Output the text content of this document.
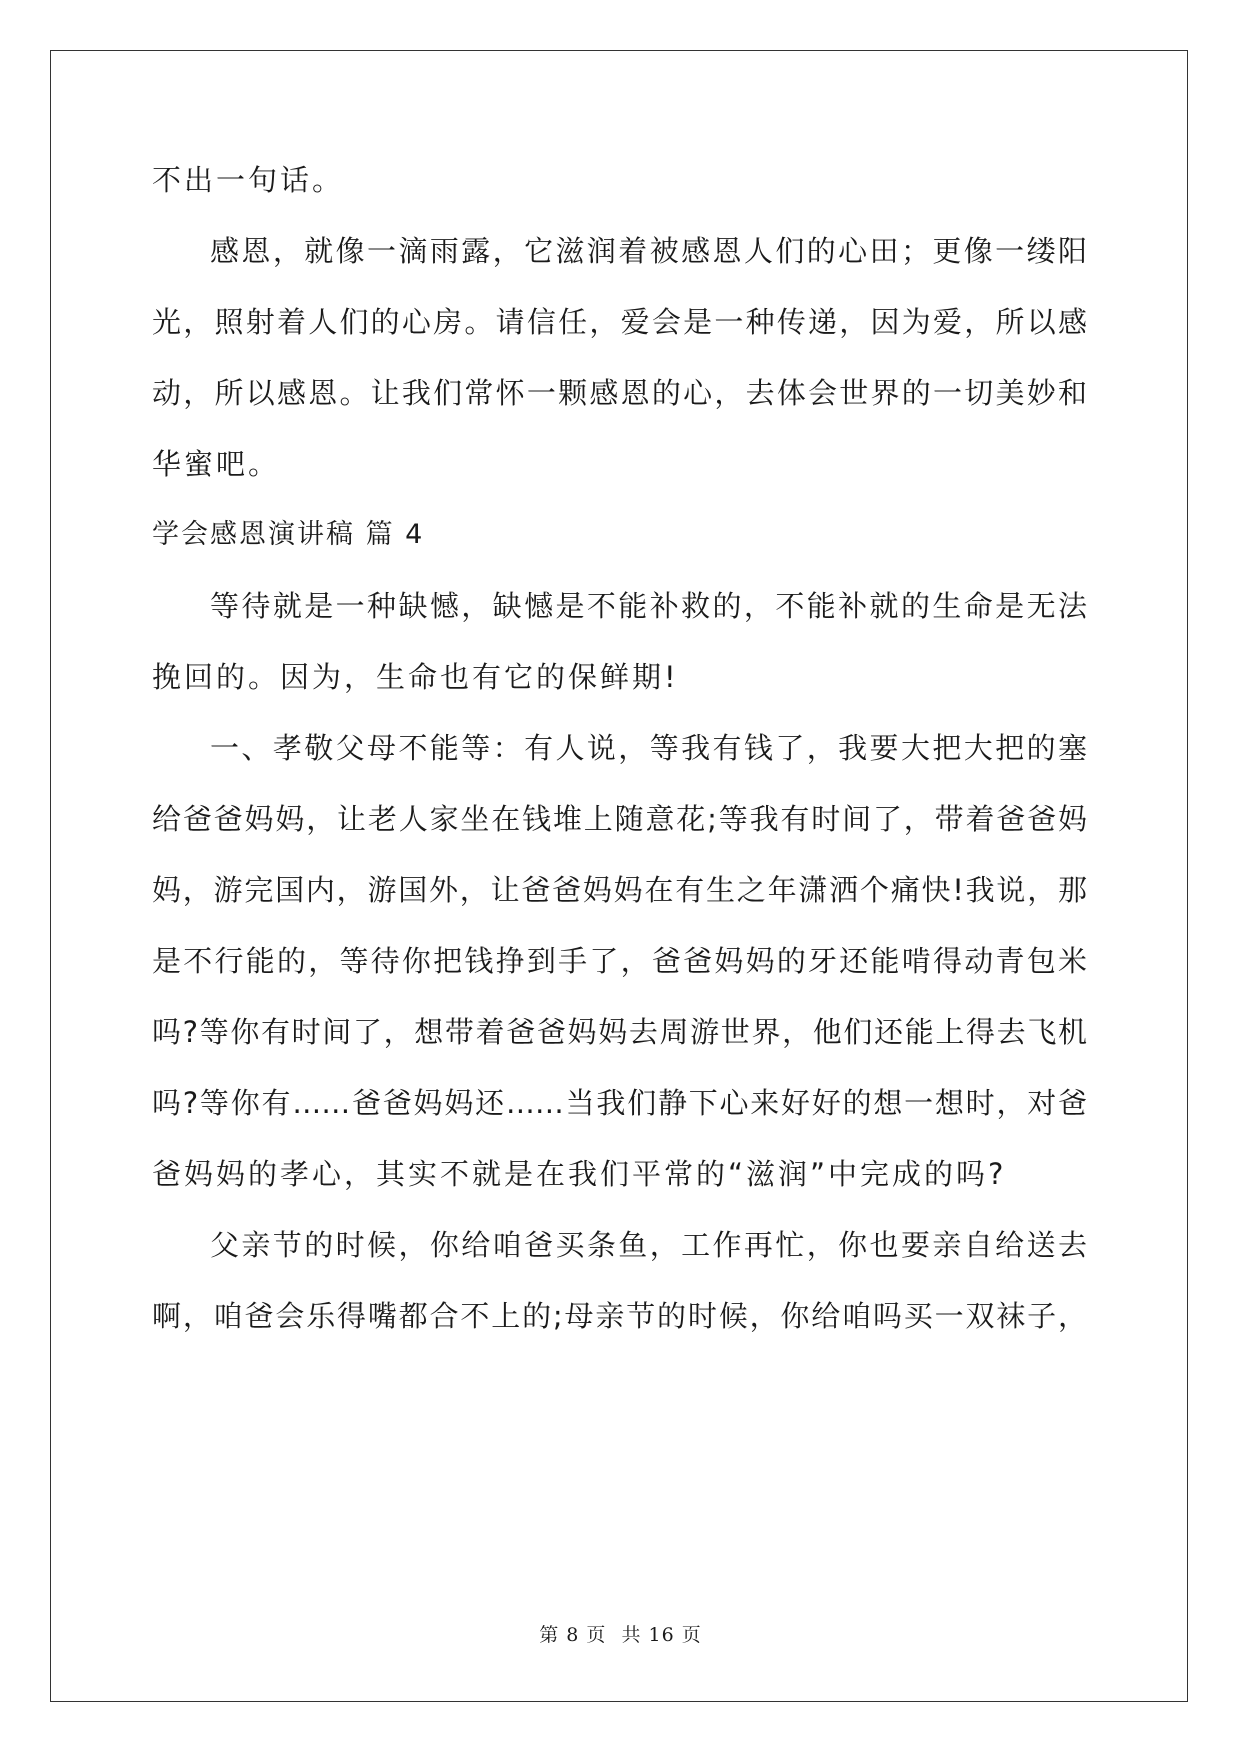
不出一句话。
感恩，就像一滴雨露，它滋润着被感恩人们的心田；更像一缕阳
光，照射着人们的心房。请信任，爱会是一种传递，因为爱，所以感
动，所以感恩。让我们常怀一颗感恩的心，去体会世界的一切美妙和
华蜜吧。
学会感恩演讲稿 篇 4
等待就是一种缺憾，缺憾是不能补救的，不能补就的生命是无法
挽回的。因为，生命也有它的保鲜期!
一、孝敬父母不能等：有人说，等我有钱了，我要大把大把的塞
给爸爸妈妈，让老人家坐在钱堆上随意花;等我有时间了，带着爸爸妈
妈，游完国内，游国外，让爸爸妈妈在有生之年潇洒个痛快!我说，那
是不行能的，等待你把钱挣到手了，爸爸妈妈的牙还能啃得动青包米
吗?等你有时间了，想带着爸爸妈妈去周游世界，他们还能上得去飞机
吗?等你有……爸爸妈妈还……当我们静下心来好好的想一想时，对爸
爸妈妈的孝心，其实不就是在我们平常的“滋润”中完成的吗?
父亲节的时候，你给咱爸买条鱼，工作再忙，你也要亲自给送去
啊，咱爸会乐得嘴都合不上的;母亲节的时候，你给咱吗买一双袜子，
第 8 页 共 16 页
